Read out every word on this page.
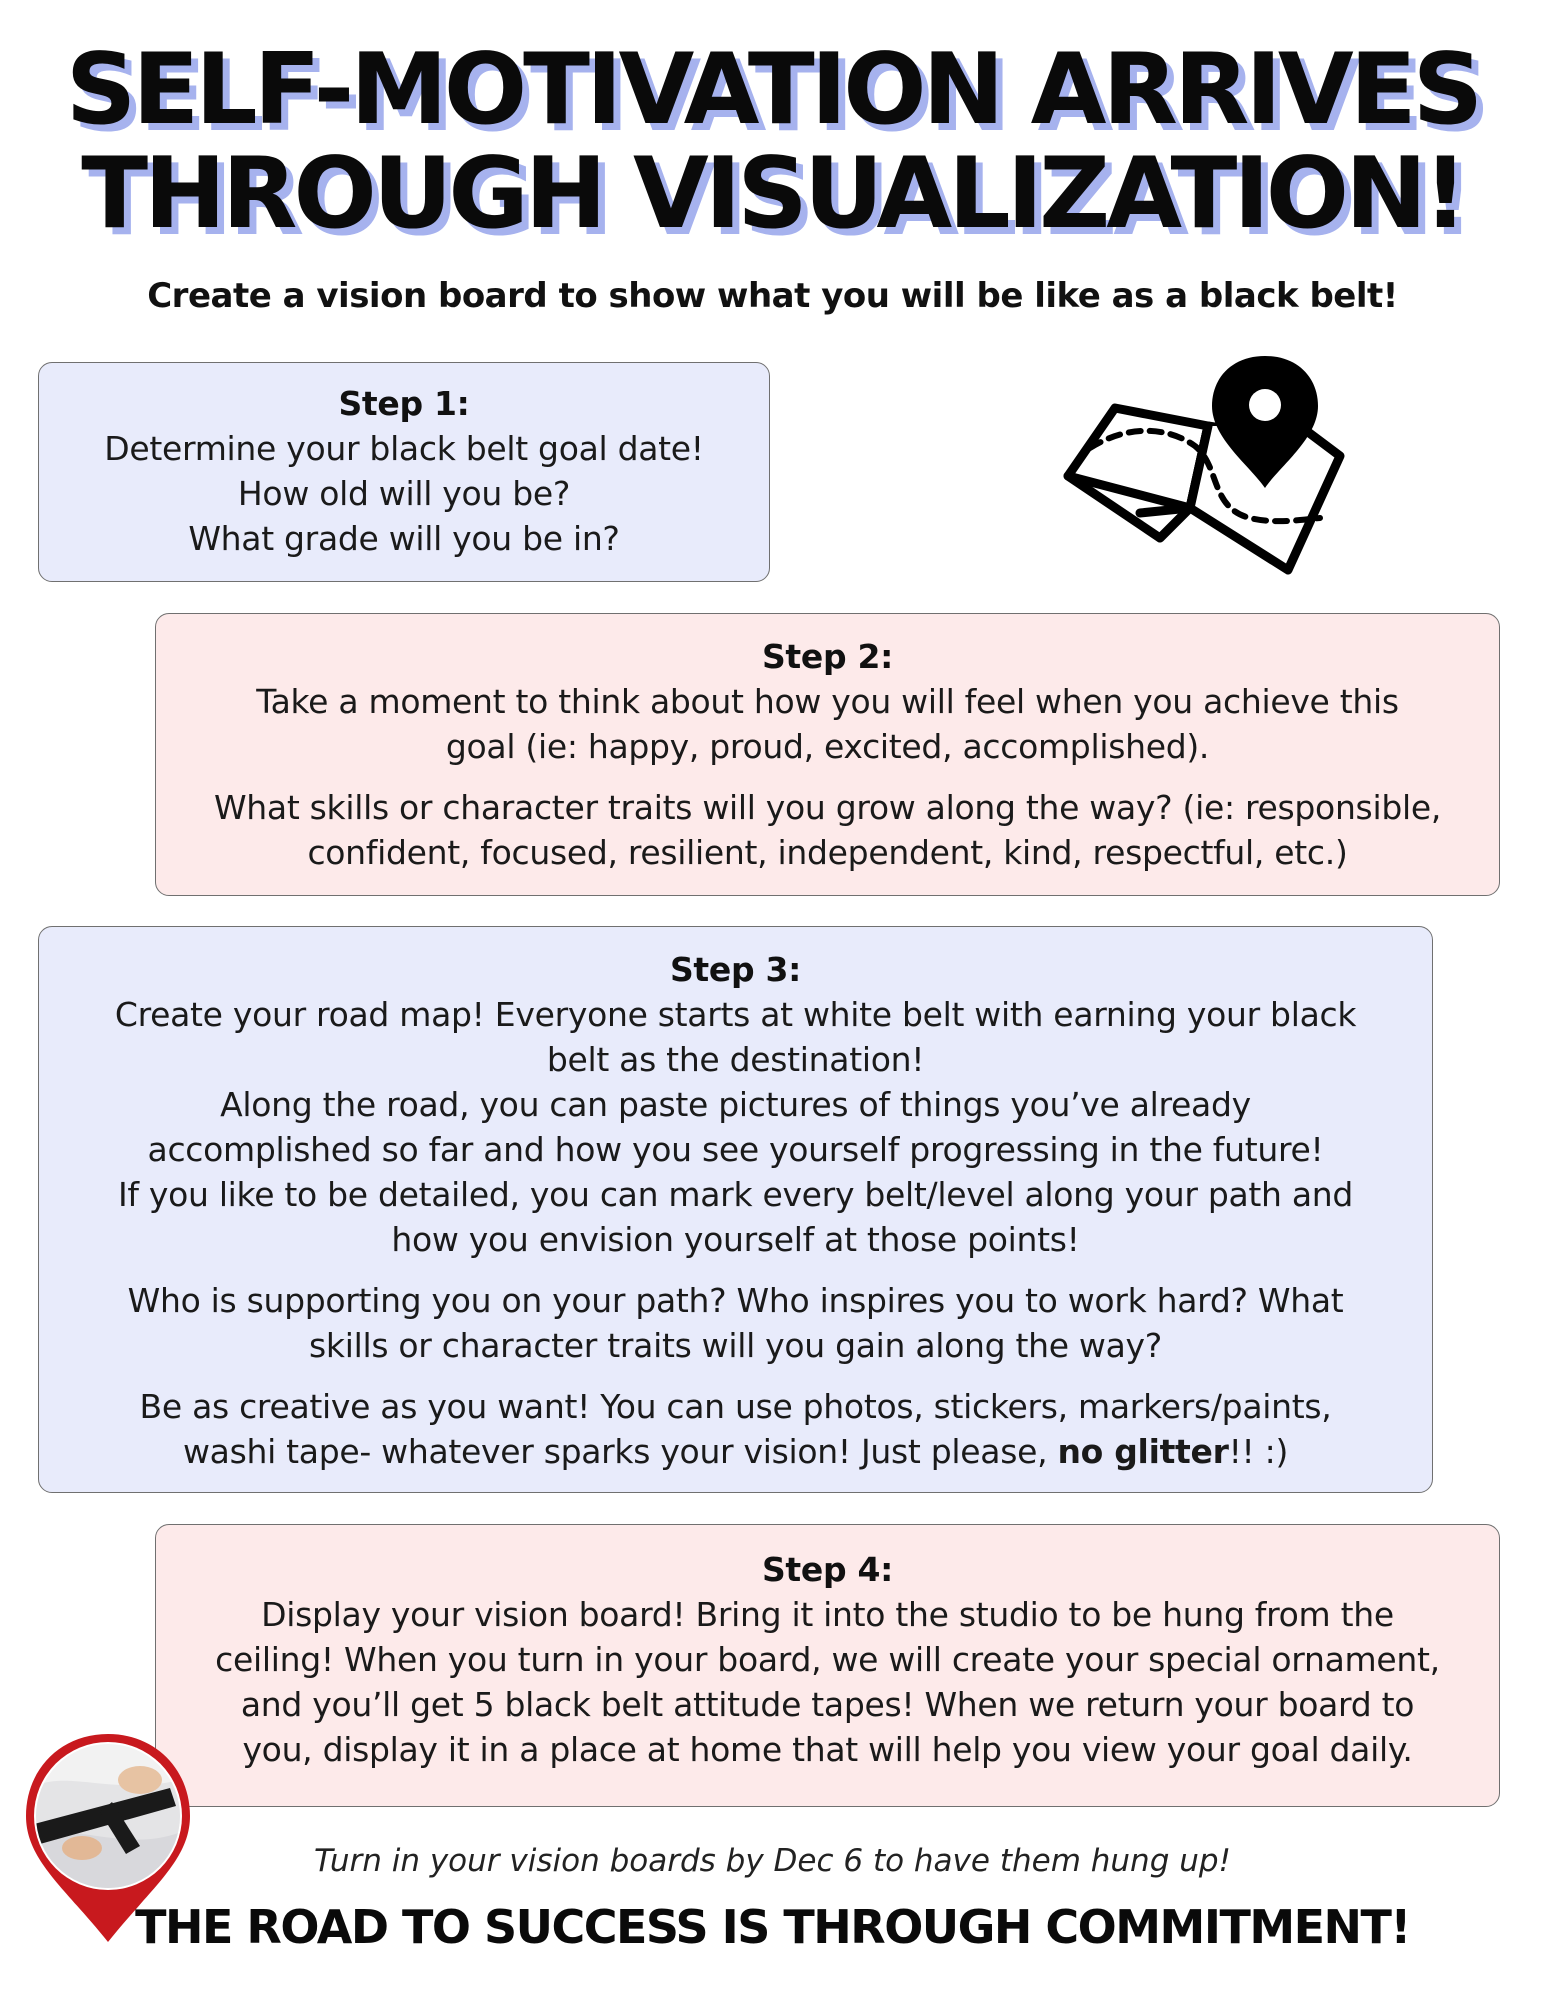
SELF-MOTIVATION ARRIVES
THROUGH VISUALIZATION!
Create a vision board to show what you will be like as a black belt!
Step 1:

Determine your black belt goal date!
How old will you be?
What grade will you be in?

Step 2:

Take a moment to think about how you will feel when you achieve this
goal (ie: happy, proud, excited, accomplished).

What skills or character traits will you grow along the way? (ie: responsible,
confident, focused, resilient, independent, kind, respectful, etc.)

Step 3:

Create your road map! Everyone starts at white belt with earning your black
belt as the destination!
Along the road, you can paste pictures of things you’ve already
accomplished so far and how you see yourself progressing in the future!
If you like to be detailed, you can mark every belt/level along your path and
how you envision yourself at those points!

Who is supporting you on your path? Who inspires you to work hard? What
skills or character traits will you gain along the way?

Be as creative as you want! You can use photos, stickers, markers/paints,
washi tape- whatever sparks your vision! Just please, no glitter!! :)

Step 4:

Display your vision board! Bring it into the studio to be hung from the
ceiling! When you turn in your board, we will create your special ornament,
and you’ll get 5 black belt attitude tapes! When we return your board to
you, display it in a place at home that will help you view your goal daily.

Turn in your vision boards by Dec 6 to have them hung up!
THE ROAD TO SUCCESS IS THROUGH COMMITMENT!
